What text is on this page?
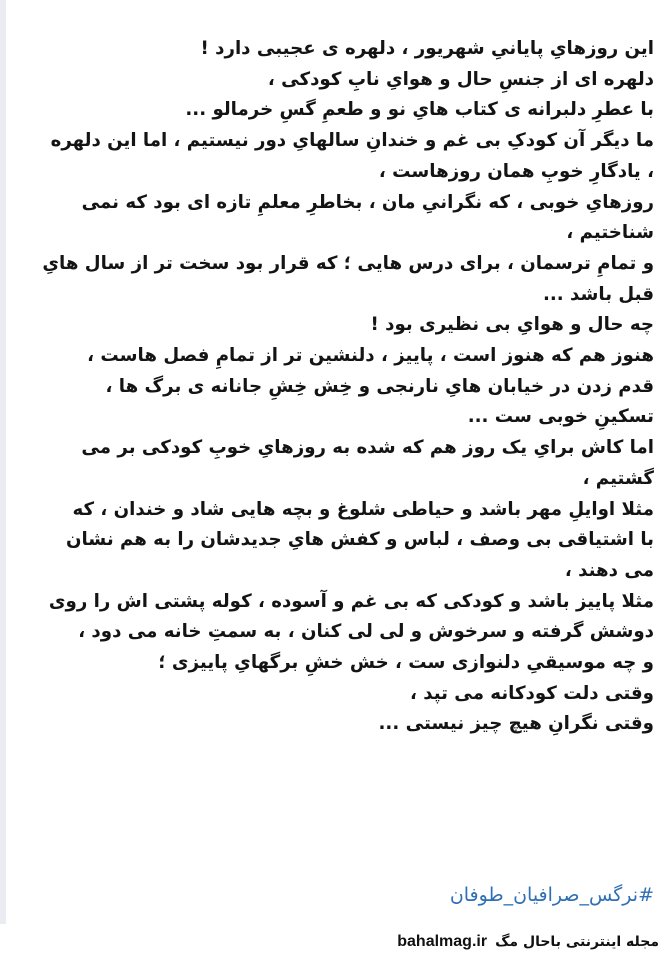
این روزهایِ پایانیِ شهریور ، دلهره ی عجیبی دارد !
دلهره ای از جنسِ حال و هوایِ نابِ کودکی ،
با عطرِ دلبرانه ی کتاب هایِ نو و طعمِ گسِ خرمالو ...
ما دیگر آن کودکِ بی غم و خندانِ سالهایِ دور نیستیم ، اما این دلهره
، یادگارِ خوبِ همان روزهاست ،
روزهایِ خوبی ، که نگرانیِ مان ، بخاطرِ معلمِ تازه ای بود که نمی
شناختیم ،
و تمامِ ترسمان ، برای درس هایی ؛ که قرار بود سخت تر از سال هایِ
قبل باشد ...
چه حال و هوایِ بی نظیری بود !
هنوز هم که هنوز است ، پاییز ، دلنشین تر از تمامِ فصل هاست ،
قدم زدن در خیابان هایِ نارنجی و خِش خِشِ جانانه ی برگ ها ،
تسکینِ خوبی ست ...
اما کاش برایِ یک روز هم که شده به روزهایِ خوبِ کودکی بر می
گشتیم ،
مثلا اوایلِ مهر باشد و حیاطی شلوغ و بچه هایی شاد و خندان ، که
با اشتیاقی بی وصف ، لباس و کفش هایِ جدیدشان را به هم نشان
می دهند ،
مثلا پاییز باشد و کودکی که بی غم و آسوده ، کوله پشتی اش را روی
دوشش گرفته و سرخوش و لی لی کنان ، به سمتِ خانه می دود ،
و چه موسیقیِ دلنوازی ست ، خش خشِ برگهایِ پاییزی ؛
وقتی دلت کودکانه می تپد ،
وقتی نگرانِ هیچ چیز نیستی ...
#نرگس_صرافیان_طوفان
bahalmag.ir مجله اینترنتی باحال مگ
